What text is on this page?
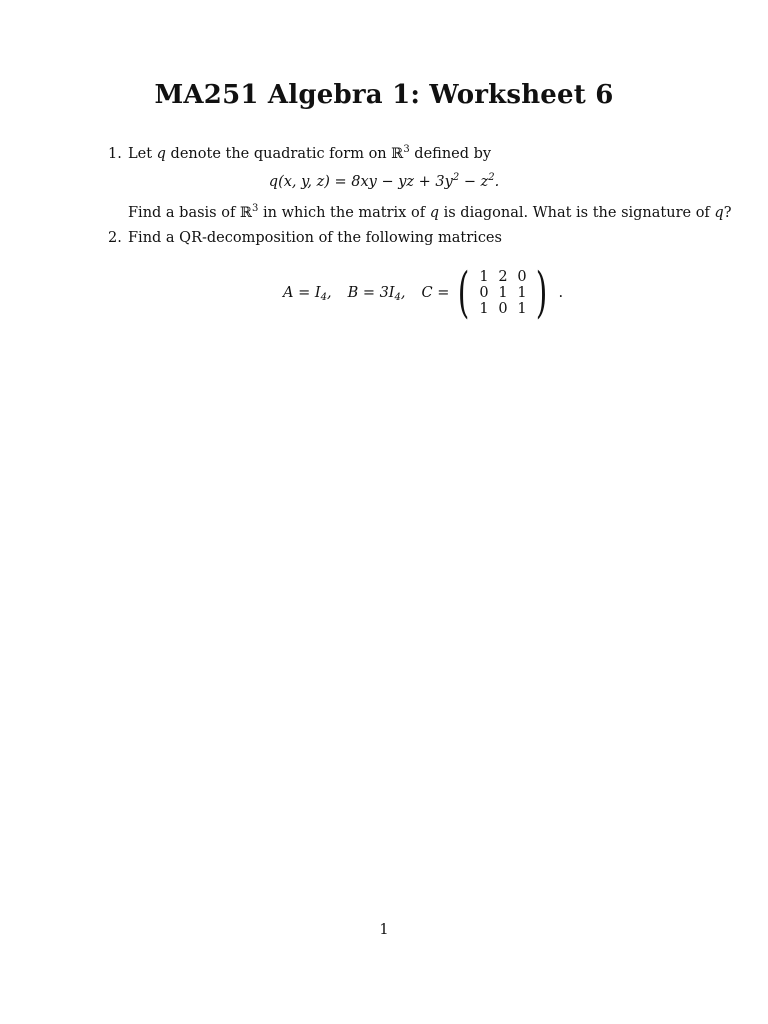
MA251 Algebra 1: Worksheet 6
1. Let q denote the quadratic form on ℝ$^3$ defined by
q(x, y, z) = 8xy − yz + $3y^2 - z^2$.
Find a basis of ℝ$^3$ in which the matrix of q is diagonal. What is the signature of q?
2. Find a QR-decomposition of the following matrices
$A = I_4$, $B = 3I_4$, C = ( 1 2 0
0 1 1
1 0 1 ) .
1
